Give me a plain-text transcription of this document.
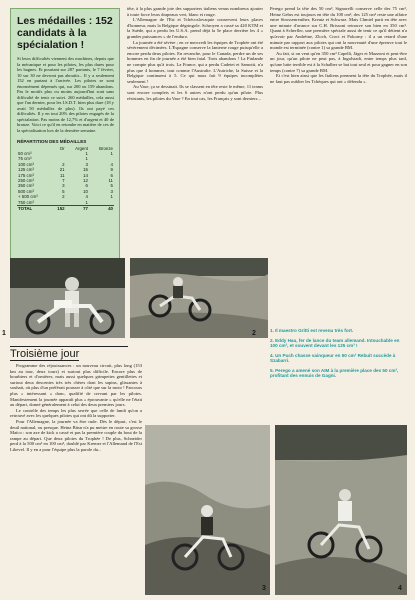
Les médailles : 152 candidats à la spécialation !

Si leurs difficultés viennent des machines, depuis que la mécanique et pour les pilotes, les plus dures pour les bagnes. Et pourtant sur 287 partants, le 7 février, 10 sur 30 ne devront pas abouttir... Il y a seulement 152 en partant à l'arrivée. Les pilotes se sont énormément dépensés qui, sur 200 ou 159 abandons. Pas le motifs plus ou moins aujourd'hui sont sans difficulté de tenir ce suivi. 260 médailles, cela aussi que l'an dernier, pour les I.S.D.T. bien plus dure (18 y avait 50 médailles de plus). Ils ont payé ces difficultés. Il y en tout 20% des pilotes engagés de la spécialation. Pas moins de 12,7% et d'argent et 40 de bronze. Voici ce qu'il en retombe en matière de ces de la spécialisation lors de la dernière semaine.

RÉPARTITION DES MÉDAILLES
	Or	Argent	Bronze
50 cm³		1	1
75 cm³		1	
100 cm³	2	3	4
125 cm³	21	15	9
175 cm³	11	14	6
250 cm³	7	12	11
350 cm³	3	6	5
500 cm³	5	10	3
+ 500 cm³	2	4	1
750 cm³		1	
TOTAL	152	77	40

tête, à la plus grande joie des supporters italiens venus nombreux ajouter à toute force leurs drapeaux vert, blanc et rouge.

L'Allemagne de l'Est et Tchécoslovaquie conservent leurs places d'honneur, mais la Belgique dégringole. Schroyen a cassé sa 420 KTM et la Suède, qui a perdu les U.S.A. prend déjà la 5e place derrière les 4 « grandes puissances » de l'enduro.

La journée a été sévère ; en ce mercredi les équipes de Trophée ont été sévèrement décimées. L'Espagne conserve la lanterne rouge puisqu'elle a encore perdu deux pilotes. En revanche, pour le Canada, perdre un de ses hommes en fin de journée a été bien fatal. Trois abandons ! La Finlande ne compte plus qu'à trois. La France, qui a perdu Cadetet et Samotti, n'a plus que 4 hommes, tout comme l'Australie. L'Autriche, la Suisse et la Belgique continuent à 5. Ce qui nous fait 9 équipes incomplètes seulement !

Au Vase, ça se dessinait. Ils se classent en tête reste le même, 11 teams sont encore complets et les 6 autres n'ont perdu qu'un pilote. Plus résistants, les pilotes du Vase ? En tout cas, les Français y sont derniers...

Perego prend la tête des 50 cm³, Signorelli conserve celle des 75 cm³, Heinz Gehrs est toujours en tête du 100 cm³, des 125 cm³ reste une affaire entre Strossenreuther, Kreutz et Schwarz. Mais Chmiel parti en tête avec une minute d'avance sur C.H. Brissoni retrouve son bien en 350 cm³. Quant à Scherfler, une première spéciale aussi de tenir ce qu'il détient n'a qu'avoir par Andréine, Zloch, Croci et Pokorny : il a un retard d'une minute par rapport aux pilotes qui ont la nouveauté d'une épreuve tout le monde est terminée (contre 1) sa grande BM.

Au fait, si on veut qu'en 350 cm³ Capelli, Jäger et Mazzoni et peut-être un jour, qu'un pilote ne peut pas, à Ingolstadt, entre temps plus tard, qu'une lutte terrible est à la Schalber se bat tout seul et pour gagner en son temps (contre 7) sa grande BM.

Et c'est bien ainsi que les Italiens prennent la tête du Trophée, mais il ne faut pas oublier les Tchèques qui ont « défendu ».

1. Il maestro Gritti est revenu très fort.
2. Eddy Hau, fer de lance du team allemand. Intouchable en 100 cm³, et souvent devant les 125 cm³ !
4. Un Puch chasse vainqueur en 50 cm³ Rebuit succède à Szabarri.
5. Perego a amené son AIM à la première place des 50 cm³, profitant des ennuis de Gagni.
1	2
3	4
Troisième jour

Programme des réjouissances : un nouveau circuit, plus long (153 km au tour, deux tours) et surtout plus difficile. Encore plus de bourbiers et d'ornières, mais aussi quelques grimpettes gentillettes et surtout deux descentes très très chères dont les sapins, glissantes à souhait, où plus d'un préférait pousser à côté que sur la moto ! Parcours plus « intéressant » donc, qualifié de crevant par les pilotes. Manifestement la journée apparaît plus « éprouvante » qu'elle ne l'était au départ, donné généralement à celui des deux premiers jours.

Le contrôle des temps les plus serrée que celle de lundi qu'on a retrouvé avec les quelques pilotes qui ont dû la supporter.

Pour l'Allemagne, la journée va être rude. Dès le départ, c'est le deuil national, ou presque. Heinz Büsn n'a pu mettre en route sa grosse Maïco : son axe de kick a cassé et pas la première couple du bout de la rampe au départ. Que deux pilotes du Trophée ! De plus, Schneider perd à la 500 cm³ en 100 cm³, doublé par Kremer et l'Allemand de l'Est Likevel. Il y en a pour l'équipe plus la parole du...
